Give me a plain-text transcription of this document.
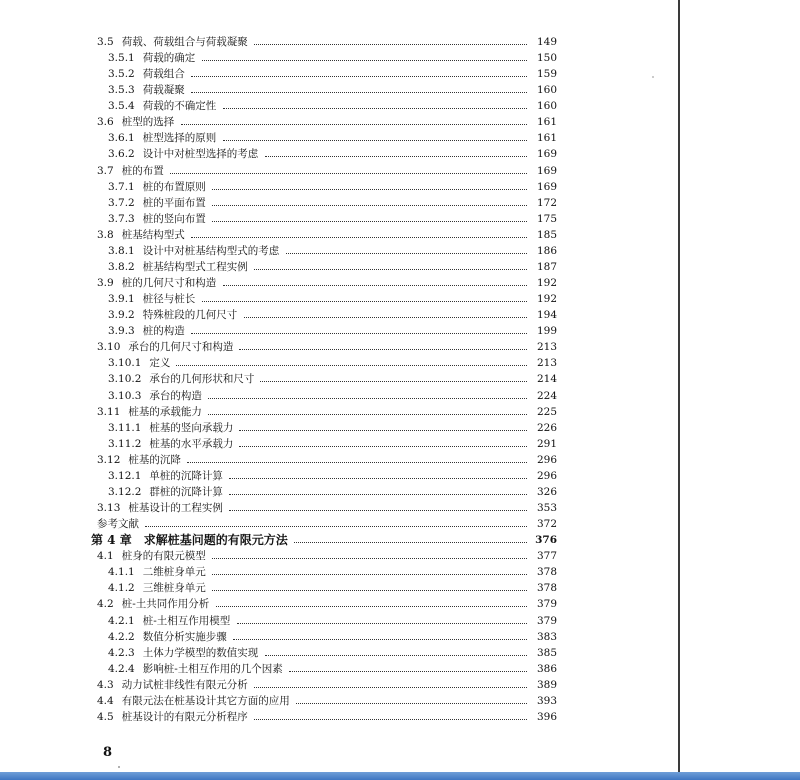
3.5 荷载、荷载组合与荷载凝聚	149
3.5.1 荷载的确定	150
3.5.2 荷载组合	159
3.5.3 荷载凝聚	160
3.5.4 荷载的不确定性	160
3.6 桩型的选择	161
3.6.1 桩型选择的原则	161
3.6.2 设计中对桩型选择的考虑	169
3.7 桩的布置	169
3.7.1 桩的布置原则	169
3.7.2 桩的平面布置	172
3.7.3 桩的竖向布置	175
3.8 桩基结构型式	185
3.8.1 设计中对桩基结构型式的考虑	186
3.8.2 桩基结构型式工程实例	187
3.9 桩的几何尺寸和构造	192
3.9.1 桩径与桩长	192
3.9.2 特殊桩段的几何尺寸	194
3.9.3 桩的构造	199
3.10 承台的几何尺寸和构造	213
3.10.1 定义	213
3.10.2 承台的几何形状和尺寸	214
3.10.3 承台的构造	224
3.11 桩基的承载能力	225
3.11.1 桩基的竖向承载力	226
3.11.2 桩基的水平承载力	291
3.12 桩基的沉降	296
3.12.1 单桩的沉降计算	296
3.12.2 群桩的沉降计算	326
3.13 桩基设计的工程实例	353
参考文献	372
第 4 章 求解桩基问题的有限元方法	376
4.1 桩身的有限元模型	377
4.1.1 二维桩身单元	378
4.1.2 三维桩身单元	378
4.2 桩-土共同作用分析	379
4.2.1 桩-土相互作用模型	379
4.2.2 数值分析实施步骤	383
4.2.3 土体力学模型的数值实现	385
4.2.4 影响桩-土相互作用的几个因素	386
4.3 动力试桩非线性有限元分析	389
4.4 有限元法在桩基设计其它方面的应用	393
4.5 桩基设计的有限元分析程序	396
8
